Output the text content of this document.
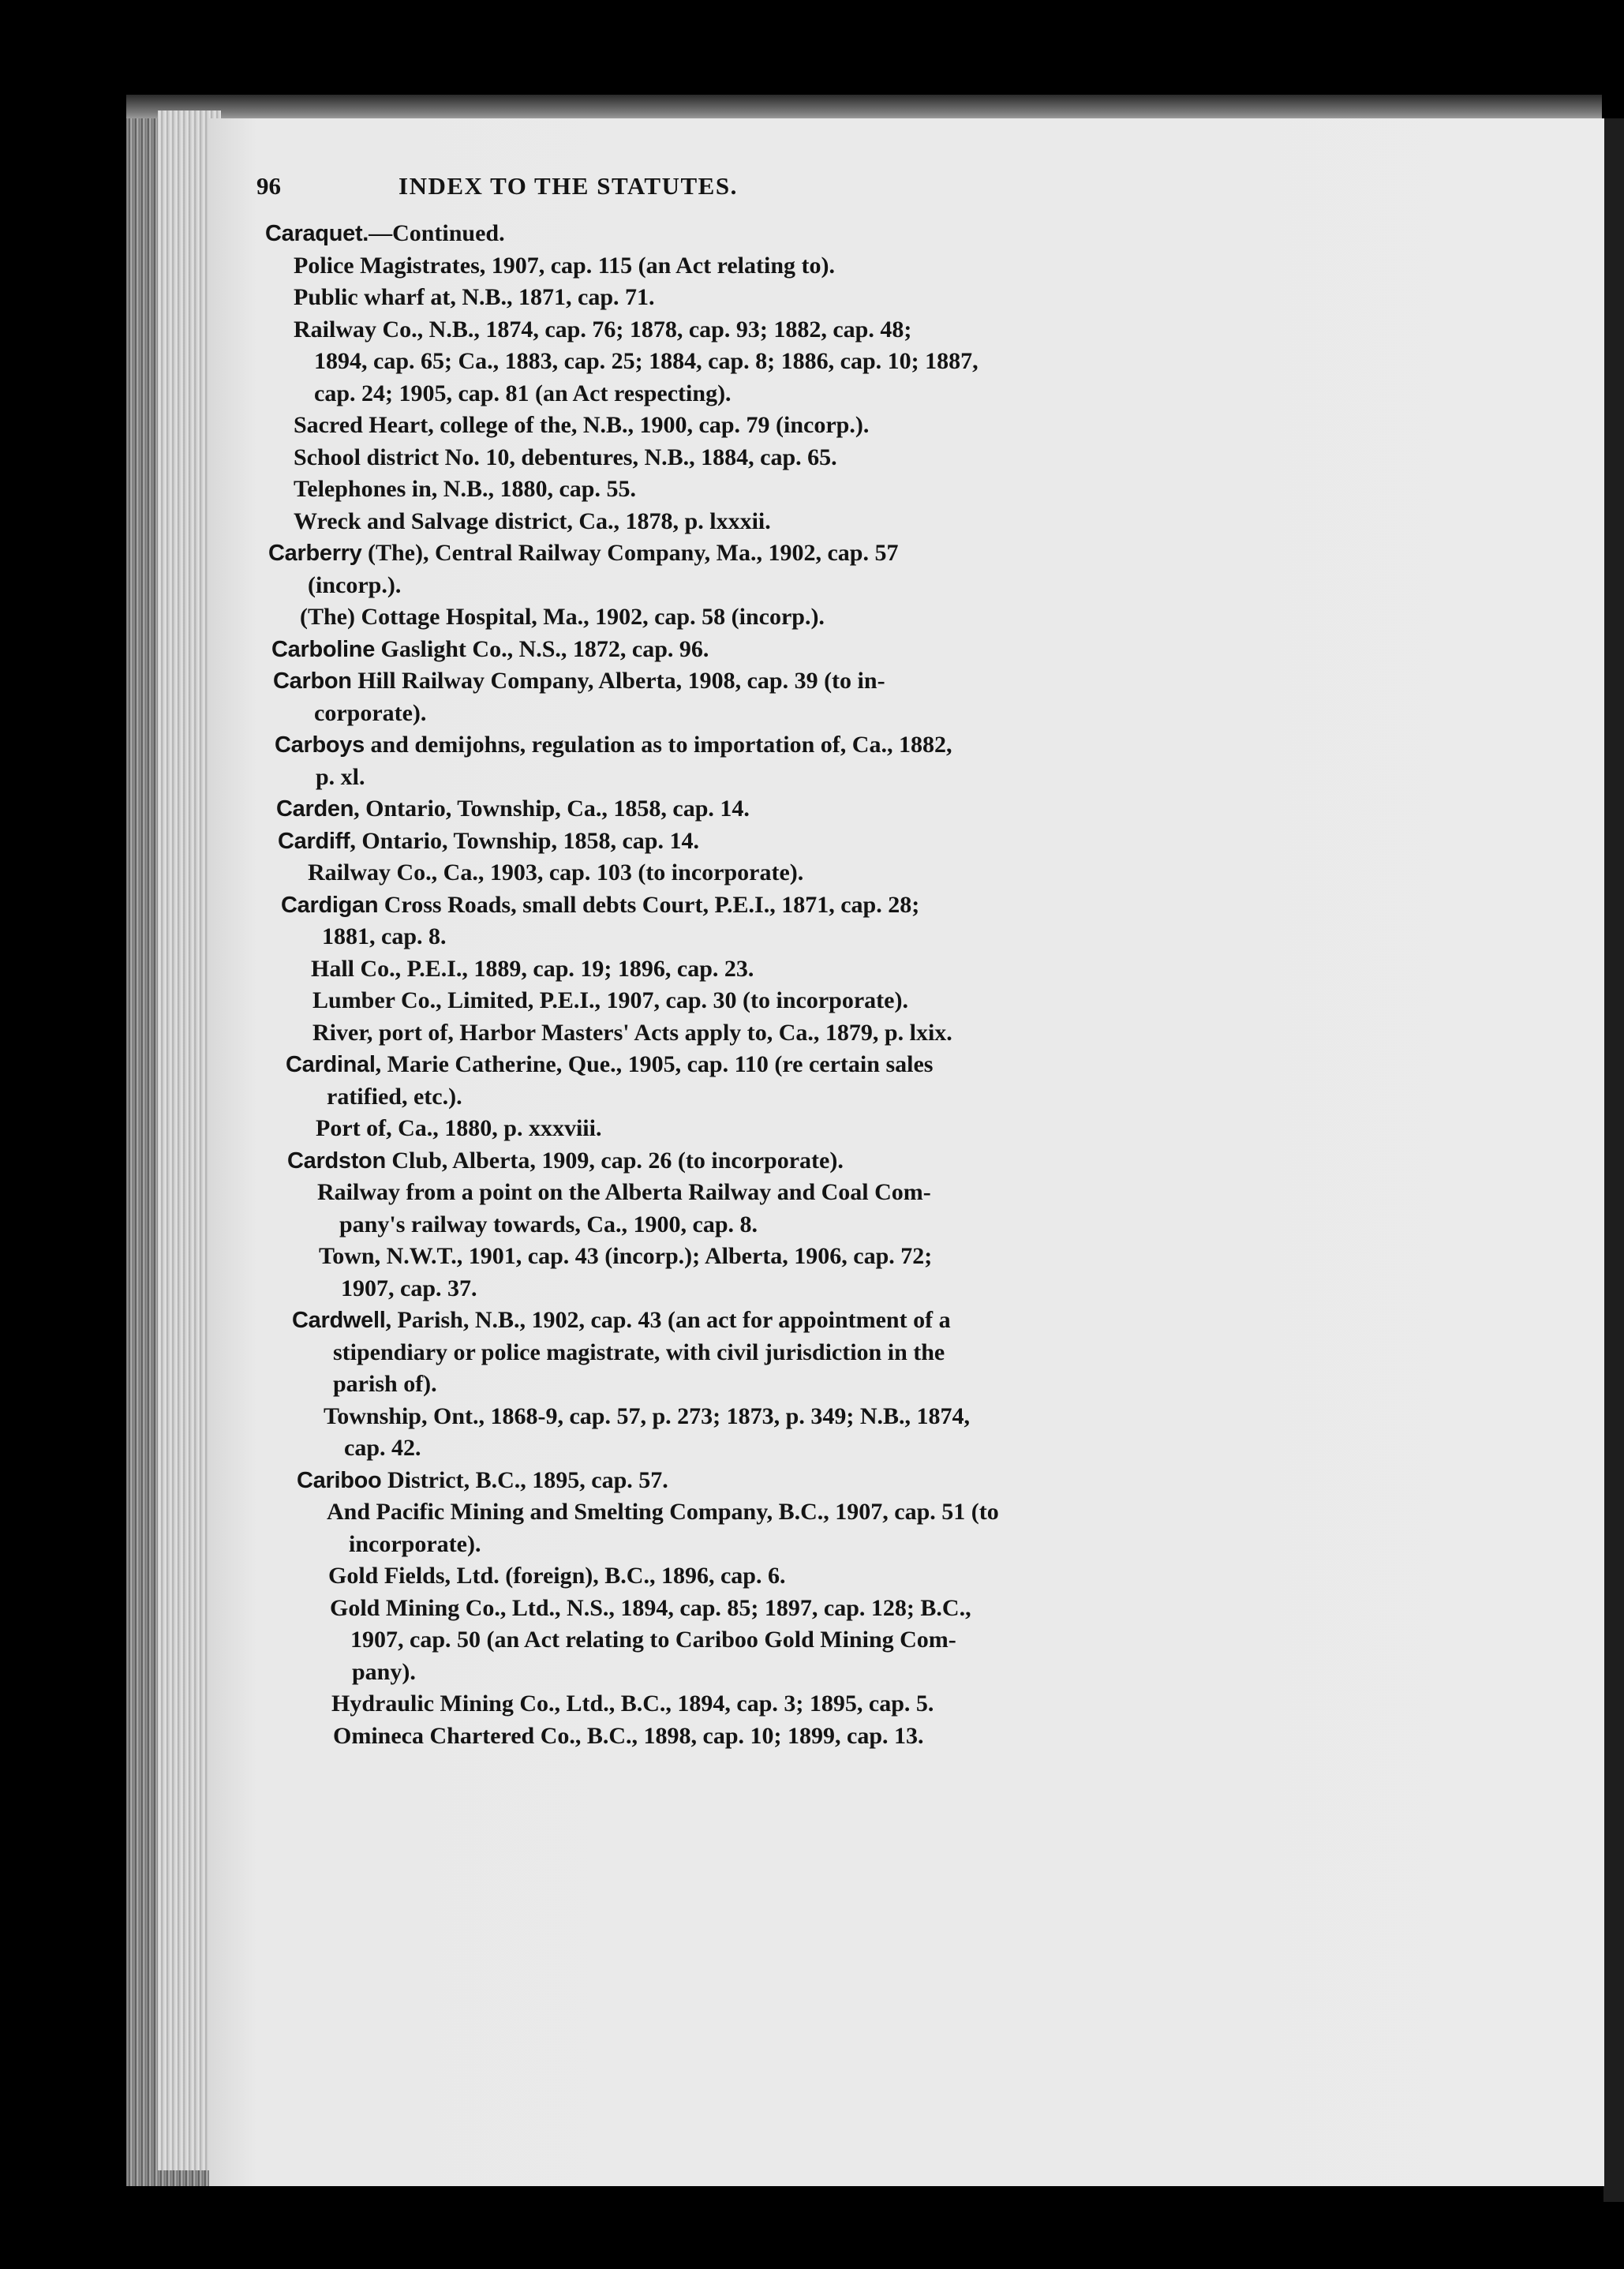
96	INDEX TO THE STATUTES.
Caraquet.—Continued.
Police Magistrates, 1907, cap. 115 (an Act relating to).
Public wharf at, N.B., 1871, cap. 71.
Railway Co., N.B., 1874, cap. 76; 1878, cap. 93; 1882, cap. 48;
1894, cap. 65; Ca., 1883, cap. 25; 1884, cap. 8; 1886, cap. 10; 1887,
cap. 24; 1905, cap. 81 (an Act respecting).
Sacred Heart, college of the, N.B., 1900, cap. 79 (incorp.).
School district No. 10, debentures, N.B., 1884, cap. 65.
Telephones in, N.B., 1880, cap. 55.
Wreck and Salvage district, Ca., 1878, p. lxxxii.
Carberry (The), Central Railway Company, Ma., 1902, cap. 57
(incorp.).
(The) Cottage Hospital, Ma., 1902, cap. 58 (incorp.).
Carboline Gaslight Co., N.S., 1872, cap. 96.
Carbon Hill Railway Company, Alberta, 1908, cap. 39 (to in-
corporate).
Carboys and demijohns, regulation as to importation of, Ca., 1882,
p. xl.
Carden, Ontario, Township, Ca., 1858, cap. 14.
Cardiff, Ontario, Township, 1858, cap. 14.
Railway Co., Ca., 1903, cap. 103 (to incorporate).
Cardigan Cross Roads, small debts Court, P.E.I., 1871, cap. 28;
1881, cap. 8.
Hall Co., P.E.I., 1889, cap. 19; 1896, cap. 23.
Lumber Co., Limited, P.E.I., 1907, cap. 30 (to incorporate).
River, port of, Harbor Masters' Acts apply to, Ca., 1879, p. lxix.
Cardinal, Marie Catherine, Que., 1905, cap. 110 (re certain sales
ratified, etc.).
Port of, Ca., 1880, p. xxxviii.
Cardston Club, Alberta, 1909, cap. 26 (to incorporate).
Railway from a point on the Alberta Railway and Coal Com-
pany's railway towards, Ca., 1900, cap. 8.
Town, N.W.T., 1901, cap. 43 (incorp.); Alberta, 1906, cap. 72;
1907, cap. 37.
Cardwell, Parish, N.B., 1902, cap. 43 (an act for appointment of a
stipendiary or police magistrate, with civil jurisdiction in the
parish of).
Township, Ont., 1868-9, cap. 57, p. 273; 1873, p. 349; N.B., 1874,
cap. 42.
Cariboo District, B.C., 1895, cap. 57.
And Pacific Mining and Smelting Company, B.C., 1907, cap. 51 (to
incorporate).
Gold Fields, Ltd. (foreign), B.C., 1896, cap. 6.
Gold Mining Co., Ltd., N.S., 1894, cap. 85; 1897, cap. 128; B.C.,
1907, cap. 50 (an Act relating to Cariboo Gold Mining Com-
pany).
Hydraulic Mining Co., Ltd., B.C., 1894, cap. 3; 1895, cap. 5.
Omineca Chartered Co., B.C., 1898, cap. 10; 1899, cap. 13.
